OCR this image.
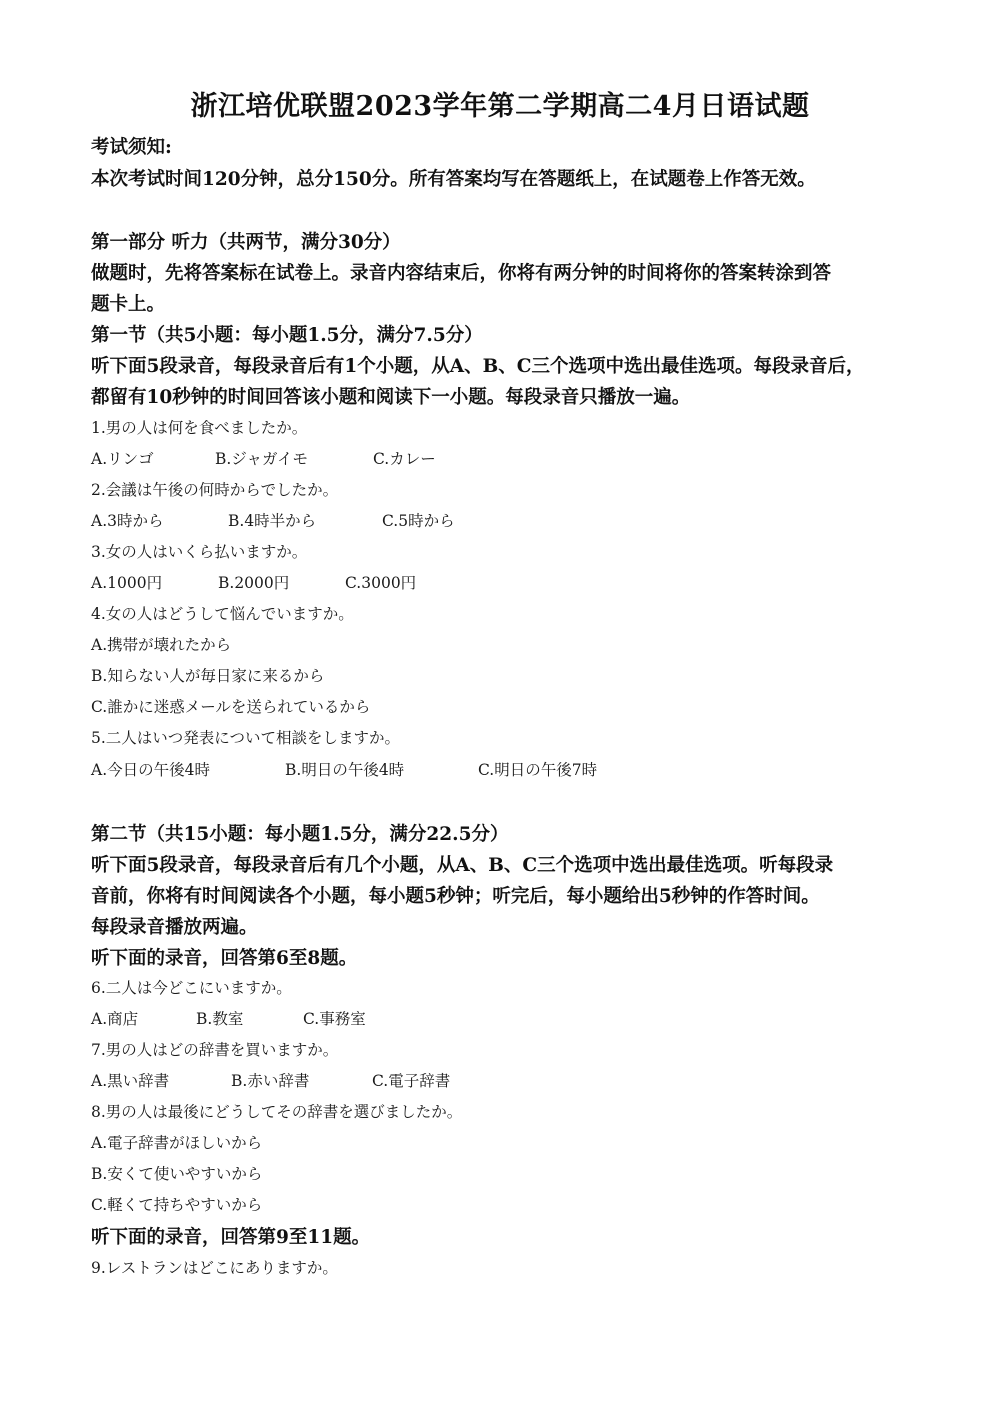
浙江培优联盟2023学年第二学期高二4月日语试题
考试须知:
本次考试时间120分钟，总分150分。所有答案均写在答题纸上，在试题卷上作答无效。
第一部分 听力（共两节，满分30分）
做题时，先将答案标在试卷上。录音内容结束后，你将有两分钟的时间将你的答案转涂到答
题卡上。
第一节（共5小题：每小题1.5分，满分7.5分）
听下面5段录音，每段录音后有1个小题，从A、B、C三个选项中选出最佳选项。每段录音后，
都留有10秒钟的时间回答该小题和阅读下一小题。每段录音只播放一遍。
1.男の人は何を食べましたか。
A.リンゴ	B.ジャガイモ	C.カレー
2.会議は午後の何時からでしたか。
A.3時から	B.4時半から	C.5時から
3.女の人はいくら払いますか。
A.1000円	B.2000円	C.3000円
4.女の人はどうして悩んでいますか。
A.携帯が壊れたから
B.知らない人が毎日家に来るから
C.誰かに迷惑メールを送られているから
5.二人はいつ発表について相談をしますか。
A.今日の午後4時	B.明日の午後4時	C.明日の午後7時
第二节（共15小题：每小题1.5分，满分22.5分）
听下面5段录音，每段录音后有几个小题，从A、B、C三个选项中选出最佳选项。听每段录
音前，你将有时间阅读各个小题，每小题5秒钟；听完后，每小题给出5秒钟的作答时间。
每段录音播放两遍。
听下面的录音，回答第6至8题。
6.二人は今どこにいますか。
A.商店	B.教室	C.事務室
7.男の人はどの辞書を買いますか。
A.黒い辞書	B.赤い辞書	C.電子辞書
8.男の人は最後にどうしてその辞書を選びましたか。
A.電子辞書がほしいから
B.安くて使いやすいから
C.軽くて持ちやすいから
听下面的录音，回答第9至11题。
9.レストランはどこにありますか。
